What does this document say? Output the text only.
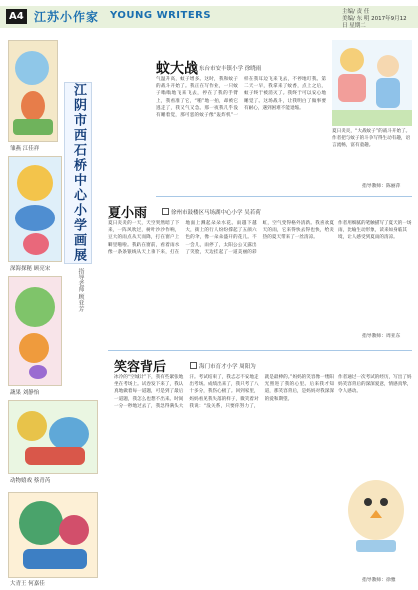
A4 江苏小作家 YOUNG WRITERS	主编/ 责 任
美编/ 东 明 2017年9月12日 星期二
雏燕 江佳祥	江阴市西石桥中心小学画展
指导老师 顾亚芳
深海探秘 顾亮宋
蔬果 刘静怡
动物嬉戏 蔡青芮
大青王 何嘉佳
蚊大战 东台市安丰镇小学 徐晓雨
气温升高，蚊子增多。这时，我和蚊子的战斗开始了。我正在写作业，一只蚊子嗡嗡地飞来飞去，停在了我的手臂上，我看准了它，“啪”地一拍，却被它逃走了，我又气又急。那一夜我几乎没有睡着觉，那可恶的蚊子像“轰炸机”一样在我耳边飞来飞去，不停地叮我。第二天一早，我拿来了蚊香，点上之后，蚊子终于被消灭了。我终于可以安心地睡觉了。这场战斗，让我明白了做事要有耐心，遇到困难不能退缩。
夏日炎炎，“大战蚊子”的战斗开始了。作者把与蚊子的斗争写得生动有趣，语言流畅，富有童趣。
指导教师：陈丽萍
夏小雨	徐州市鼓楼区马场湖中心小学 吴若荷
夏日炎炎的一天，天空突然暗了下来，一阵风吹过，树叶沙沙作响，豆大的雨点从天而降，打在窗户上噼里啪啦。我趴在窗前，看着雨水像一条条银线从天上垂下来，打在地面上溅起朵朵水花。雨越下越大，街上的行人纷纷撑起了五颜六色的伞，像一朵朵盛开的花儿。不一会儿，雨停了，太阳公公又露出了笑脸，天边挂起了一道美丽的彩虹，空气变得格外清新。我喜欢夏天的雨，它来得快去得也快，给炎热的夏天带来了一丝清凉。
作者用细腻的笔触描写了夏天的一场雨，比喻生动形象，读来如身临其境，让人感受到夏雨的清凉。
指导教师：周亚东
笑容背后	海门市育才小学 周阳为
冰冷的“空城计”下，我有些紧张地坐在考场上。试卷发下来了，我认真地做着每一道题，可是到了最后一道题，我怎么也想不出来。时间一分一秒地过去了，我急得满头大汗。考试结束了，我忐忑不安地走出考场。成绩出来了，我只考了八十多分，我伤心极了。回到家里，妈妈看见我失落的样子，微笑着对我说：“没关系，只要你努力了，就是最棒的。”妈妈的笑容像一缕阳光照进了我的心里。后来我才知道，那笑容背后，是妈妈对我深深的爱和期望。
作者通过一次考试的经历，写出了妈妈笑容背后的深深爱意，情感真挚，令人感动。
指导教师：徐雅
